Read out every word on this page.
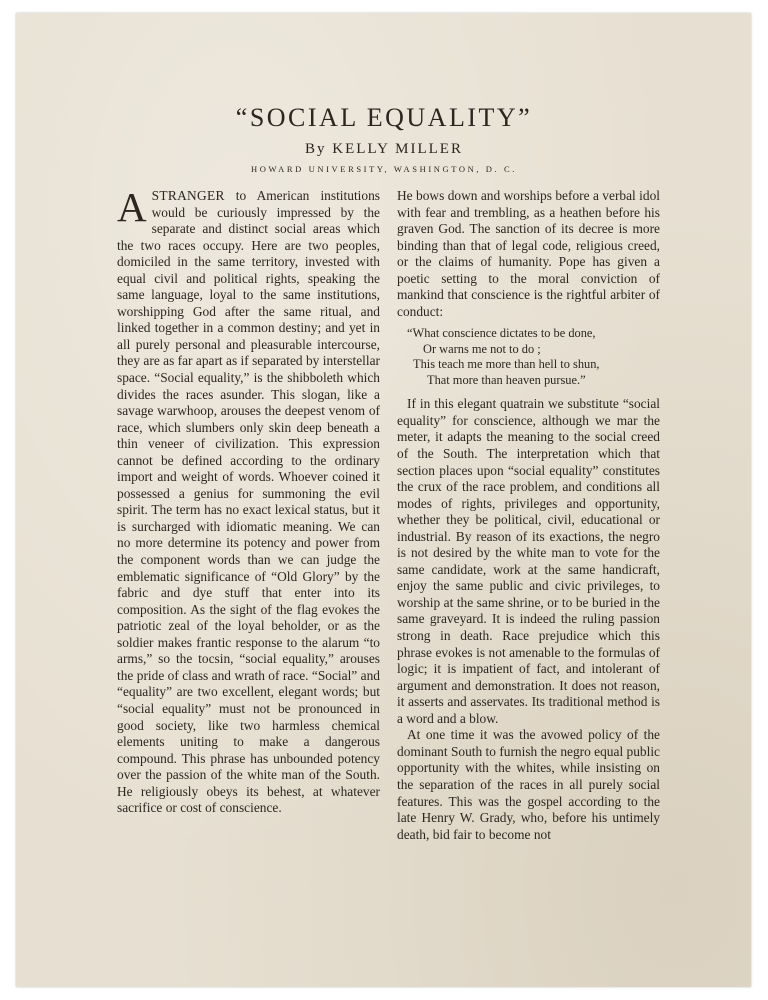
“SOCIAL EQUALITY”
By KELLY MILLER
HOWARD UNIVERSITY, WASHINGTON, D. C.

ASTRANGER to American institutions would be curiously impressed by the separate and distinct social areas which the two races occupy. Here are two peoples, domiciled in the same territory, invested with equal civil and political rights, speaking the same language, loyal to the same institutions, worshipping God after the same ritual, and linked together in a common destiny; and yet in all purely personal and pleasurable intercourse, they are as far apart as if separated by interstellar space. “Social equality,” is the shibboleth which divides the races asunder. This slogan, like a savage warwhoop, arouses the deepest venom of race, which slumbers only skin deep beneath a thin veneer of civilization. This expression cannot be defined according to the ordinary import and weight of words. Whoever coined it possessed a genius for summoning the evil spirit. The term has no exact lexical status, but it is surcharged with idiomatic meaning. We can no more determine its potency and power from the component words than we can judge the emblematic significance of “Old Glory” by the fabric and dye stuff that enter into its composition. As the sight of the flag evokes the patriotic zeal of the loyal beholder, or as the soldier makes frantic response to the alarum “to arms,” so the tocsin, “social equality,” arouses the pride of class and wrath of race. “Social” and “equality” are two excellent, elegant words; but “social equality” must not be pronounced in good society, like two harmless chemical elements uniting to make a dangerous compound. This phrase has unbounded potency over the passion of the white man of the South. He religiously obeys its behest, at whatever sacrifice or cost of conscience.

He bows down and worships before a verbal idol with fear and trembling, as a heathen before his graven God. The sanction of its decree is more binding than that of legal code, religious creed, or the claims of humanity. Pope has given a poetic setting to the moral conviction of mankind that conscience is the rightful arbiter of conduct:

“What conscience dictates to be done,
Or warns me not to do ;
This teach me more than hell to shun,
That more than heaven pursue.”

If in this elegant quatrain we substitute “social equality” for conscience, although we mar the meter, it adapts the meaning to the social creed of the South. The interpretation which that section places upon “social equality” constitutes the crux of the race problem, and conditions all modes of rights, privileges and opportunity, whether they be political, civil, educational or industrial. By reason of its exactions, the negro is not desired by the white man to vote for the same candidate, work at the same handicraft, enjoy the same public and civic privileges, to worship at the same shrine, or to be buried in the same graveyard. It is indeed the ruling passion strong in death. Race prejudice which this phrase evokes is not amenable to the formulas of logic; it is impatient of fact, and intolerant of argument and demonstration. It does not reason, it asserts and asservates. Its traditional method is a word and a blow.

At one time it was the avowed policy of the dominant South to furnish the negro equal public opportunity with the whites, while insisting on the separation of the races in all purely social features. This was the gospel according to the late Henry W. Grady, who, before his untimely death, bid fair to become not
